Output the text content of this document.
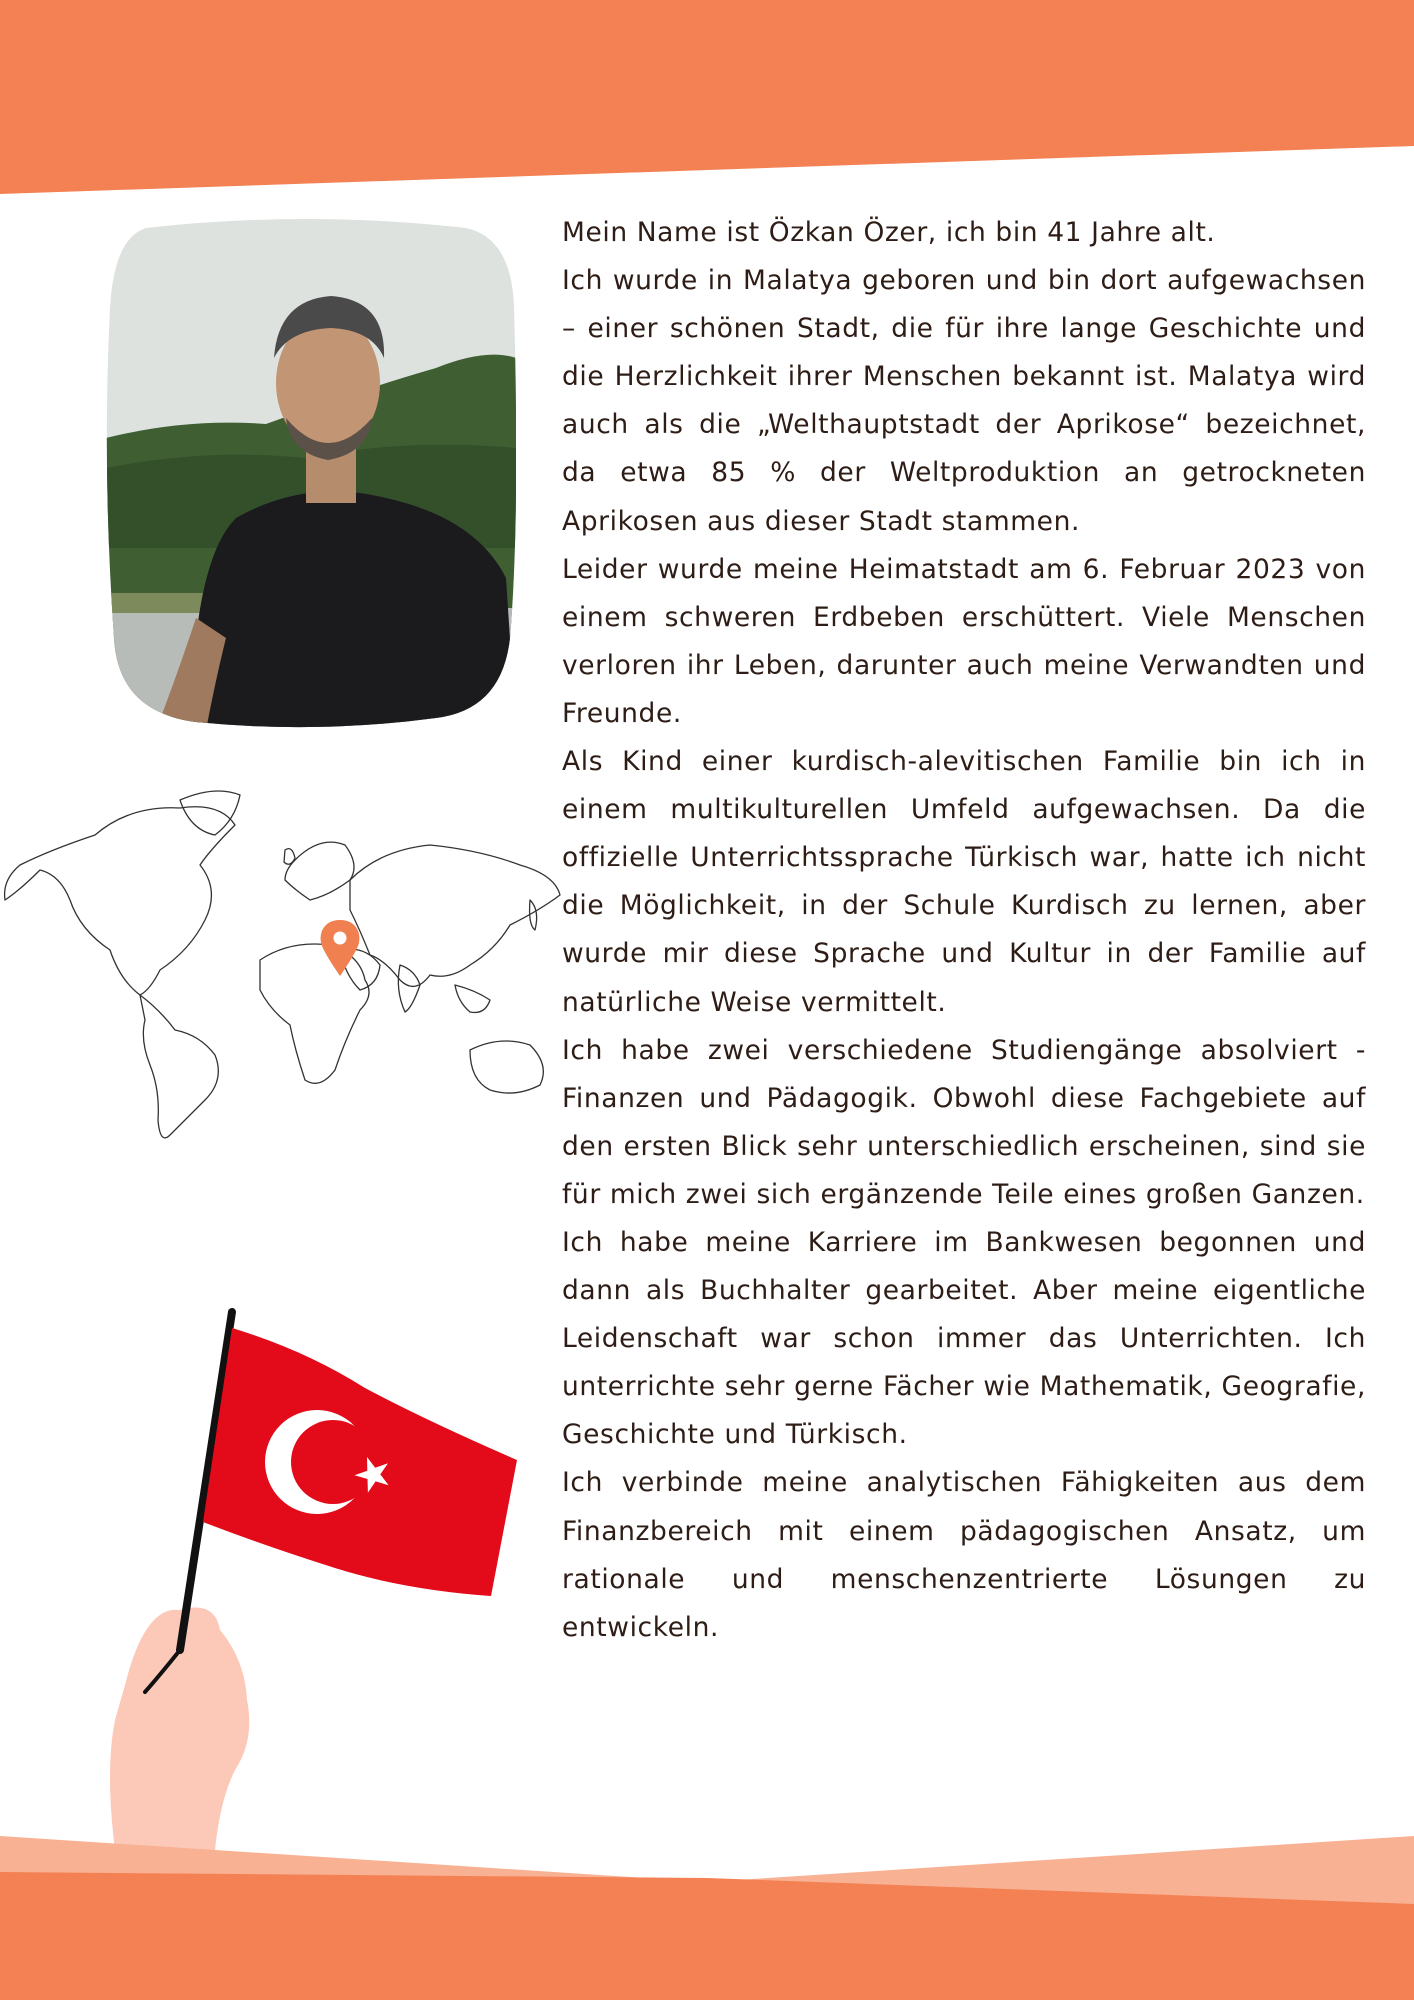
Mein Name ist Özkan Özer, ich bin 41 Jahre alt.

Ich wurde in Malatya geboren und bin dort aufgewachsen – einer schönen Stadt, die für ihre lange Geschichte und die Herzlichkeit ihrer Menschen bekannt ist. Malatya wird auch als die „Welthauptstadt der Aprikose“ bezeichnet, da etwa 85 % der Weltproduktion an getrockneten Aprikosen aus dieser Stadt stammen.

Leider wurde meine Heimatstadt am 6. Februar 2023 von einem schweren Erdbeben erschüttert. Viele Menschen verloren ihr Leben, darunter auch meine Verwandten und Freunde.

Als Kind einer kurdisch-alevitischen Familie bin ich in einem multikulturellen Umfeld aufgewachsen. Da die offizielle Unterrichtssprache Türkisch war, hatte ich nicht die Möglichkeit, in der Schule Kurdisch zu lernen, aber wurde mir diese Sprache und Kultur in der Familie auf natürliche Weise vermittelt.

Ich habe zwei verschiedene Studiengänge absolviert - Finanzen und Pädagogik. Obwohl diese Fachgebiete auf den ersten Blick sehr unterschiedlich erscheinen, sind sie für mich zwei sich ergänzende Teile eines großen Ganzen.

Ich habe meine Karriere im Bankwesen begonnen und dann als Buchhalter gearbeitet. Aber meine eigentliche Leidenschaft war schon immer das Unterrichten. Ich unterrichte sehr gerne Fächer wie Mathematik, Geografie, Geschichte und Türkisch.

Ich verbinde meine analytischen Fähigkeiten aus dem Finanzbereich mit einem pädagogischen Ansatz, um rationale und menschenzentrierte Lösungen zu entwickeln.
